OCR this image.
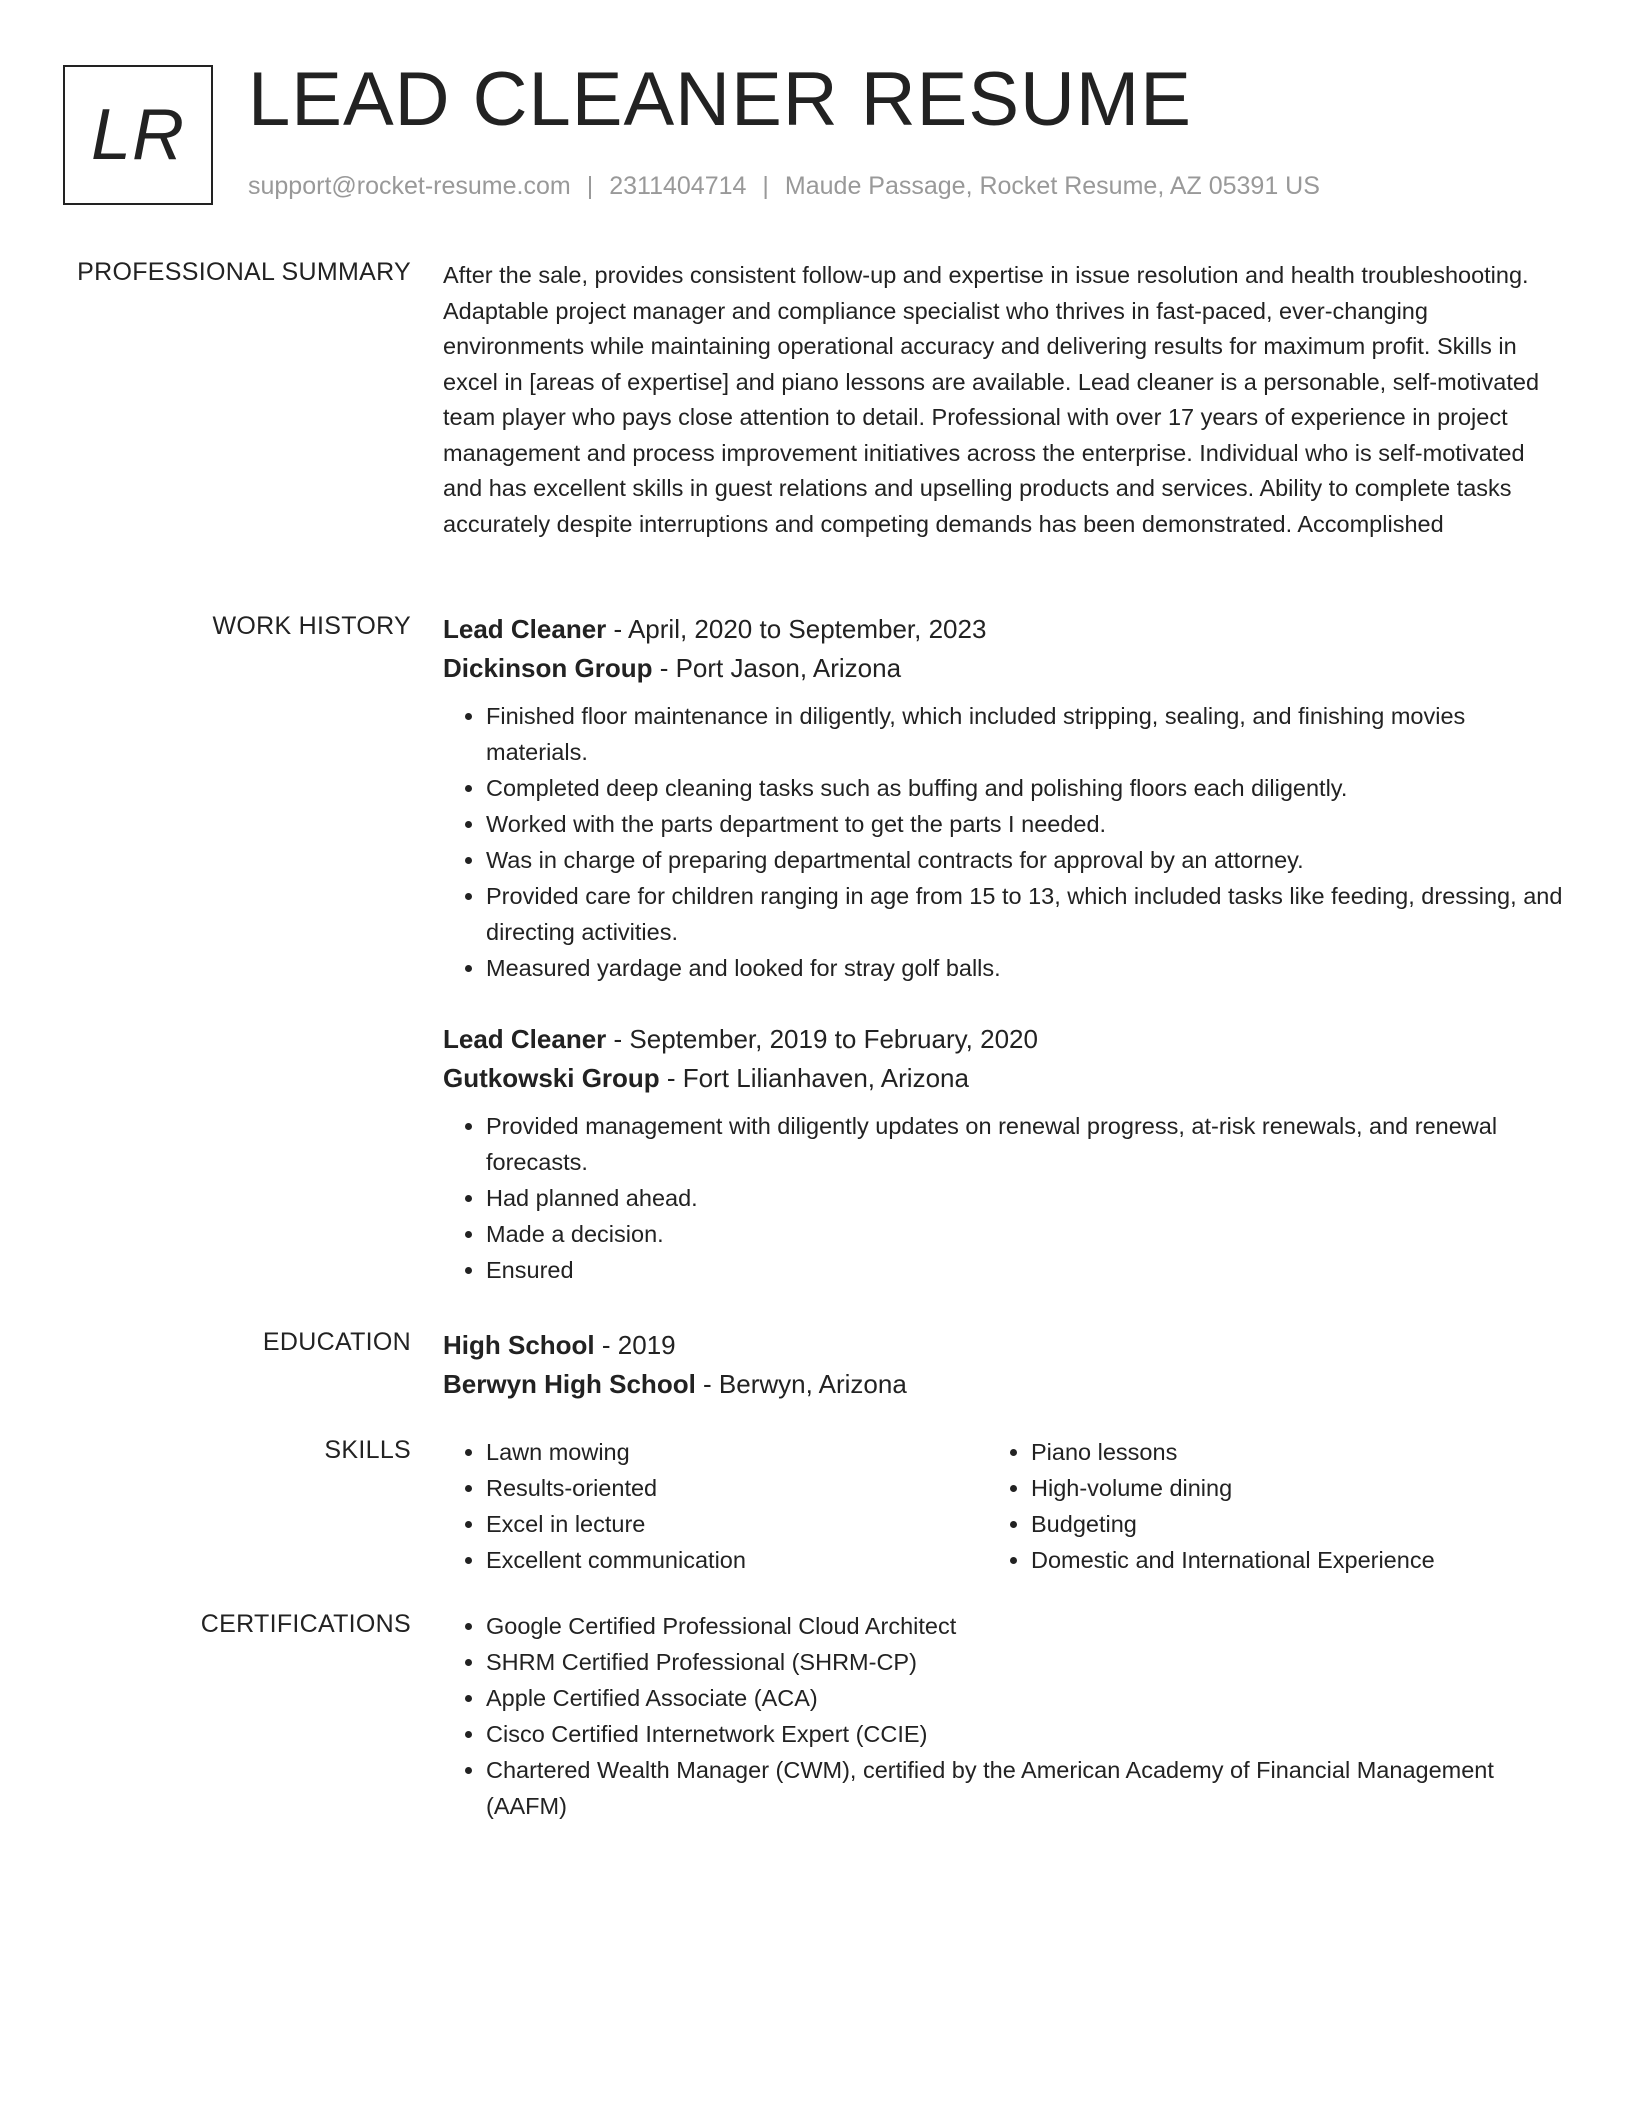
LR LEAD CLEANER RESUME
support@rocket-resume.com | 2311404714 | Maude Passage, Rocket Resume, AZ 05391 US
PROFESSIONAL SUMMARY After the sale, provides consistent follow-up and expertise in issue resolution and health troubleshooting. Adaptable project manager and compliance specialist who thrives in fast-paced, ever-changing environments while maintaining operational accuracy and delivering results for maximum profit. Skills in excel in [areas of expertise] and piano lessons are available. Lead cleaner is a personable, self-motivated team player who pays close attention to detail. Professional with over 17 years of experience in project management and process improvement initiatives across the enterprise. Individual who is self-motivated and has excellent skills in guest relations and upselling products and services. Ability to complete tasks accurately despite interruptions and competing demands has been demonstrated. Accomplished

WORK HISTORY Lead Cleaner - April, 2020 to September, 2023

Dickinson Group - Port Jason, Arizona

• Finished floor maintenance in diligently, which included stripping, sealing, and finishing movies materials.
• Completed deep cleaning tasks such as buffing and polishing floors each diligently.
• Worked with the parts department to get the parts I needed.
• Was in charge of preparing departmental contracts for approval by an attorney.
• Provided care for children ranging in age from 15 to 13, which included tasks like feeding, dressing, and directing activities.
• Measured yardage and looked for stray golf balls.

Lead Cleaner - September, 2019 to February, 2020

Gutkowski Group - Fort Lilianhaven, Arizona

• Provided management with diligently updates on renewal progress, at-risk renewals, and renewal forecasts.
• Had planned ahead.
• Made a decision.
• Ensured
EDUCATION High School - 2019

Berwyn High School - Berwyn, Arizona

SKILLS	• Lawn mowing
• Results-oriented
• Excel in lecture
• Excellent communication
• Piano lessons
• High-volume dining
• Budgeting
• Domestic and International Experience
CERTIFICATIONS	• Google Certified Professional Cloud Architect
• SHRM Certified Professional (SHRM-CP)
• Apple Certified Associate (ACA)
• Cisco Certified Internetwork Expert (CCIE)
• Chartered Wealth Manager (CWM), certified by the American Academy of Financial Management (AAFM)
